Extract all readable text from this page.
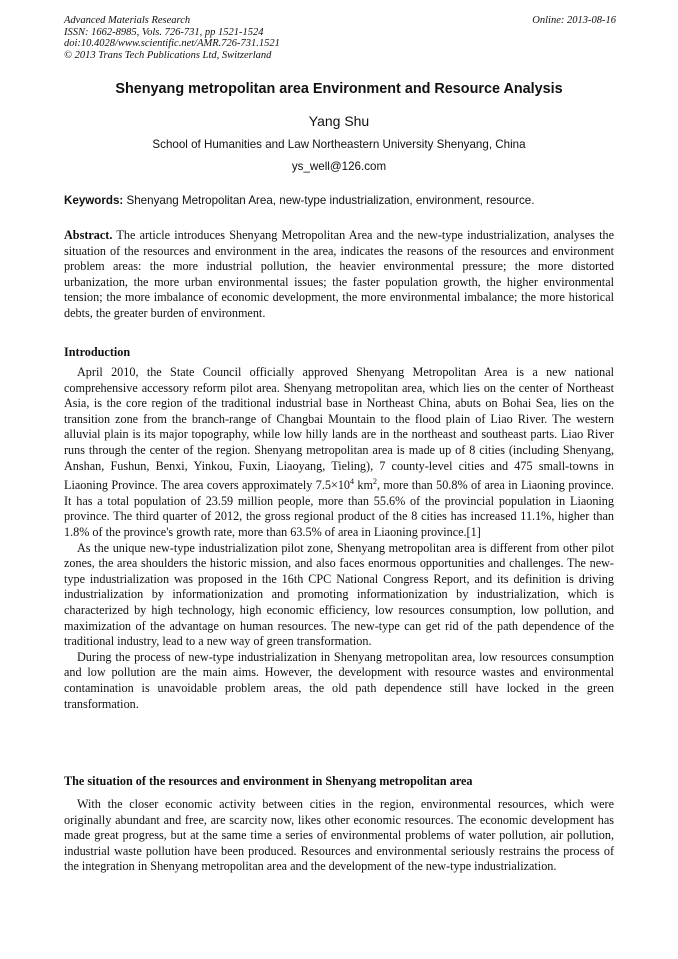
Advanced Materials Research
ISSN: 1662-8985, Vols. 726-731, pp 1521-1524
doi:10.4028/www.scientific.net/AMR.726-731.1521
© 2013 Trans Tech Publications Ltd, Switzerland
Online: 2013-08-16
Shenyang metropolitan area Environment and Resource Analysis
Yang Shu
School of Humanities and Law Northeastern University Shenyang, China
ys_well@126.com
Keywords: Shenyang Metropolitan Area, new-type industrialization, environment, resource.

Abstract. The article introduces Shenyang Metropolitan Area and the new-type industrialization, analyses the situation of the resources and environment in the area, indicates the reasons of the resources and environment problem areas: the more industrial pollution, the heavier environmental pressure; the more distorted urbanization, the more urban environmental issues; the faster population growth, the higher environmental tension; the more imbalance of economic development, the more environmental imbalance; the more historical debts, the greater burden of environment.

Introduction

April 2010, the State Council officially approved Shenyang Metropolitan Area is a new national comprehensive accessory reform pilot area. Shenyang metropolitan area, which lies on the center of Northeast Asia, is the core region of the traditional industrial base in Northeast China, abuts on Bohai Sea, lies on the transition zone from the branch-range of Changbai Mountain to the flood plain of Liao River. The western alluvial plain is its major topography, while low hilly lands are in the northeast and southeast parts. Liao River runs through the center of the region. Shenyang metropolitan area is made up of 8 cities (including Shenyang, Anshan, Fushun, Benxi, Yinkou, Fuxin, Liaoyang, Tieling), 7 county-level cities and 475 small-towns in Liaoning Province. The area covers approximately $7.5\times 10^4$ $km^2$, more than 50.8% of area in Liaoning province. It has a total population of 23.59 million people, more than 55.6% of the provincial population in Liaoning province. The third quarter of 2012, the gross regional product of the 8 cities has increased 11.1%, higher than 1.8% of the province's growth rate, more than 63.5% of area in Liaoning province.[1]

As the unique new-type industrialization pilot zone, Shenyang metropolitan area is different from other pilot zones, the area shoulders the historic mission, and also faces enormous opportunities and challenges. The new-type industrialization was proposed in the 16th CPC National Congress Report, and its definition is driving industrialization by informationization and promoting informationization by industrialization, which is characterized by high technology, high economic efficiency, low resources consumption, low pollution, and maximization of the advantage on human resources. The new-type can get rid of the path dependence of the traditional industry, lead to a new way of green transformation.

During the process of new-type industrialization in Shenyang metropolitan area, low resources consumption and low pollution are the main aims. However, the development with resource wastes and environmental contamination is unavoidable problem areas, the old path dependence still have locked in the green transformation.

The situation of the resources and environment in Shenyang metropolitan area

With the closer economic activity between cities in the region, environmental resources, which were originally abundant and free, are scarcity now, likes other economic resources. The economic development has made great progress, but at the same time a series of environmental problems of water pollution, air pollution, industrial waste pollution have been produced. Resources and environmental seriously restrains the process of the integration in Shenyang metropolitan area and the development of the new-type industrialization.
